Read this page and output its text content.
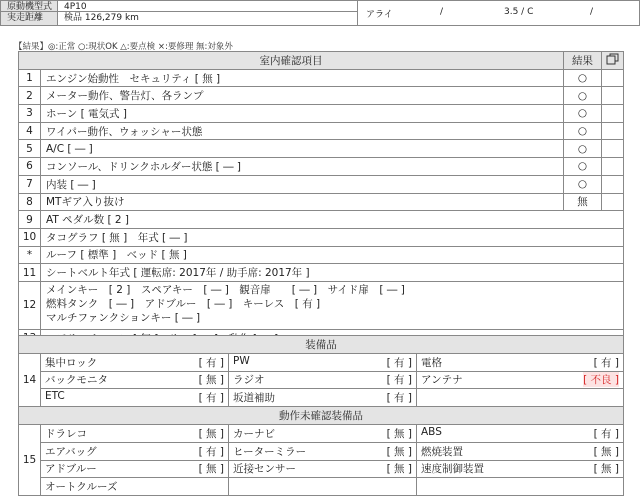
原動機型式	4P10
実走距離	検品 126,279 km	アライ	/	3.5 / C	/
【結果】◎:正常 ○:現状OK △:要点検 ×:要修理 無:対象外
室内確認項目		結果	
1	エンジン始動性　セキュリティ [ 無 ]	○	
2	メーター動作、警告灯、各ランプ	○	
3	ホーン [ 電気式 ]	○	
4	ワイパー動作、ウォッシャー状態	○	
5	A/C [ ― ]	○	
6	コンソール、ドリンクホルダー状態 [ ― ]	○	
7	内装 [ ― ]	○	
8	MTギア入り抜け	無	
9	AT ペダル数 [ 2 ]		
10	タコグラフ [ 無 ]　年式 [ ― ]		
*	ルーフ [ 標準 ]　ベッド [ 無 ]		
11	シートベルト年式 [ 運転席: 2017年 / 助手席: 2017年 ]		
12	メインキー　[ 2 ]　スペアキー　[ ― ]　観音扉　　[ ― ]　サイド扉　[ ― ]
燃料タンク　[ ― ]　アドブルー　[ ― ]　キーレス　[ 有 ]
マルチファンクションキー [ ― ]		

装備品			
14	集中ロック [ 有 ]	PW [ 有 ]	電格 [ 有 ]

	バックモニタ [ 無 ]	ラジオ [ 有 ]	アンテナ [ 不良 ]

	ETC [ 有 ]	坂道補助 [ 有 ]	

動作未確認装備品			
15	ドラレコ [ 無 ]	カーナビ [ 無 ]	ABS [ 有 ]

	エアバッグ [ 有 ]	ヒーターミラー [ 無 ]	燃焼装置 [ 無 ]

	アドブルー [ 無 ]	近接センサー [ 無 ]	速度制御装置 [ 無 ]

	オートクルーズ		
